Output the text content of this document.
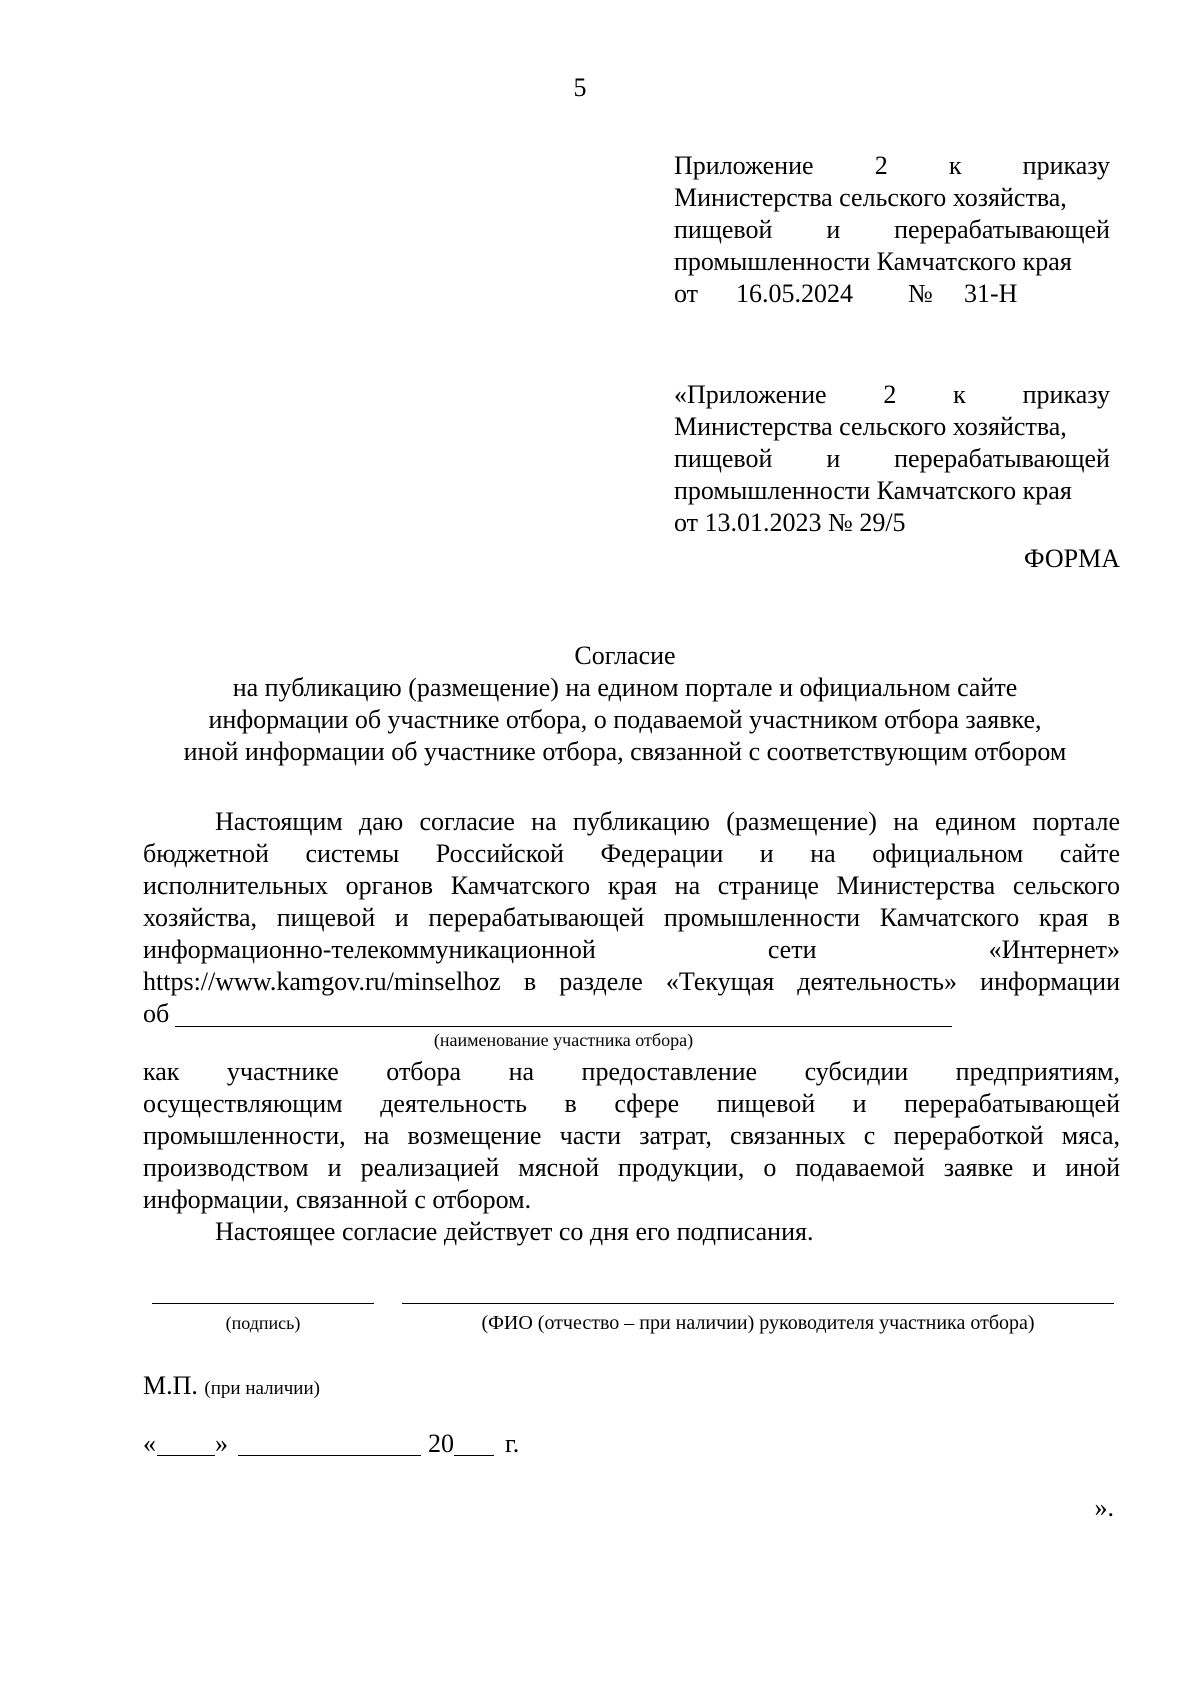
5
Приложение 2 к приказу
Министерства сельского хозяйства,
пищевой и перерабатывающей
промышленности Камчатского края
от 16.05.2024 № 31-Н
«Приложение 2 к приказу
Министерства сельского хозяйства,
пищевой и перерабатывающей
промышленности Камчатского края
от 13.01.2023 № 29/5
ФОРМА
Согласие
на публикацию (размещение) на едином портале и официальном сайте
информации об участнике отбора, о подаваемой участником отбора заявке,
иной информации об участнике отбора, связанной с соответствующим отбором
Настоящим даю согласие на публикацию (размещение) на едином портале
бюджетной системы Российской Федерации и на официальном сайте
исполнительных органов Камчатского края на странице Министерства сельского
хозяйства, пищевой и перерабатывающей промышленности Камчатского края в
информационно-телекоммуникационной сети «Интернет»
https://www.kamgov.ru/minselhoz в разделе «Текущая деятельность» информации
об
(наименование участника отбора)
как участнике отбора на предоставление субсидии предприятиям,
осуществляющим деятельность в сфере пищевой и перерабатывающей
промышленности, на возмещение части затрат, связанных с переработкой мяса,
производством и реализацией мясной продукции, о подаваемой заявке и иной
информации, связанной с отбором.
Настоящее согласие действует со дня его подписания.
(подпись)	(ФИО (отчество – при наличии) руководителя участника отбора)
М.П. (при наличии)
« »	20 г.
».
